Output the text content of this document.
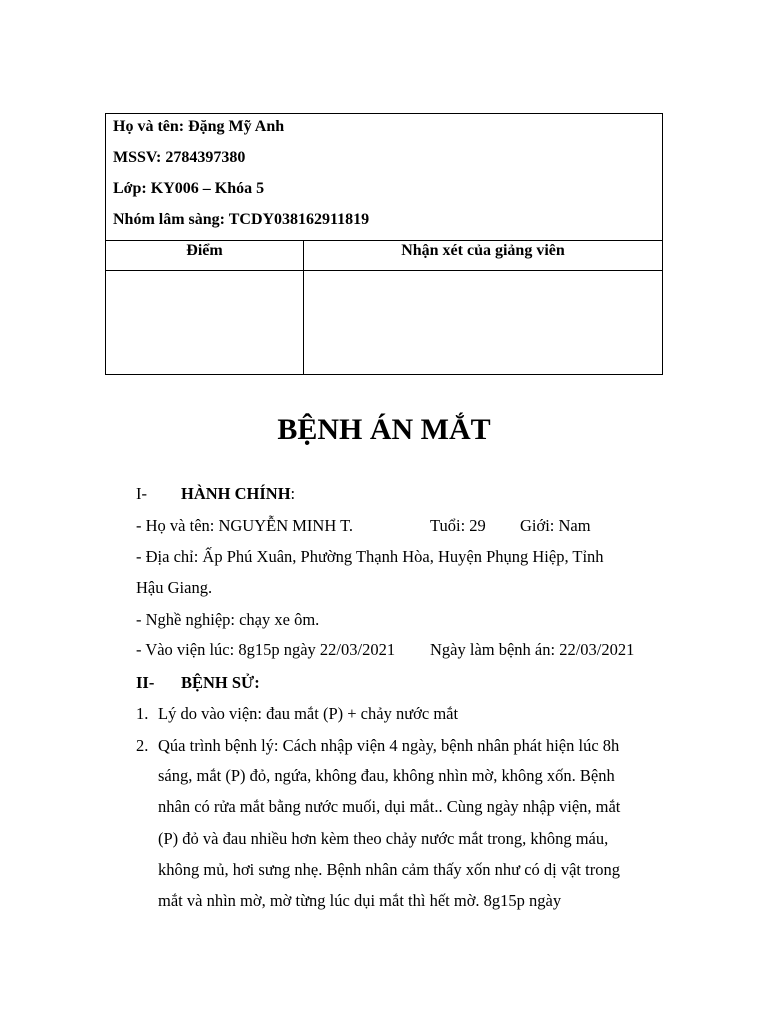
Họ và tên: Đặng Mỹ Anh
MSSV: 2784397380
Lớp: KY006 – Khóa 5
Nhóm lâm sàng: TCDY038162911819	

Điểm	Nhận xét của giảng viên

BỆNH ÁN MẮT
I- HÀNH CHÍNH:
- Họ và tên: NGUYỄN MINH T.	Tuổi: 29 Giới: Nam
- Địa chỉ: Ấp Phú Xuân, Phường Thạnh Hòa, Huyện Phụng Hiệp, Tỉnh
Hậu Giang.
- Nghề nghiệp: chạy xe ôm.
- Vào viện lúc: 8g15p ngày 22/03/2021 Ngày làm bệnh án: 22/03/2021
II- BỆNH SỬ:
1. Lý do vào viện: đau mắt (P) + chảy nước mắt
2. Qúa trình bệnh lý: Cách nhập viện 4 ngày, bệnh nhân phát hiện lúc 8h
sáng, mắt (P) đỏ, ngứa, không đau, không nhìn mờ, không xốn. Bệnh
nhân có rửa mắt bằng nước muối, dụi mắt.. Cùng ngày nhập viện, mắt
(P) đỏ và đau nhiều hơn kèm theo chảy nước mắt trong, không máu,
không mủ, hơi sưng nhẹ. Bệnh nhân cảm thấy xốn như có dị vật trong
mắt và nhìn mờ, mờ từng lúc dụi mắt thì hết mờ. 8g15p ngày
